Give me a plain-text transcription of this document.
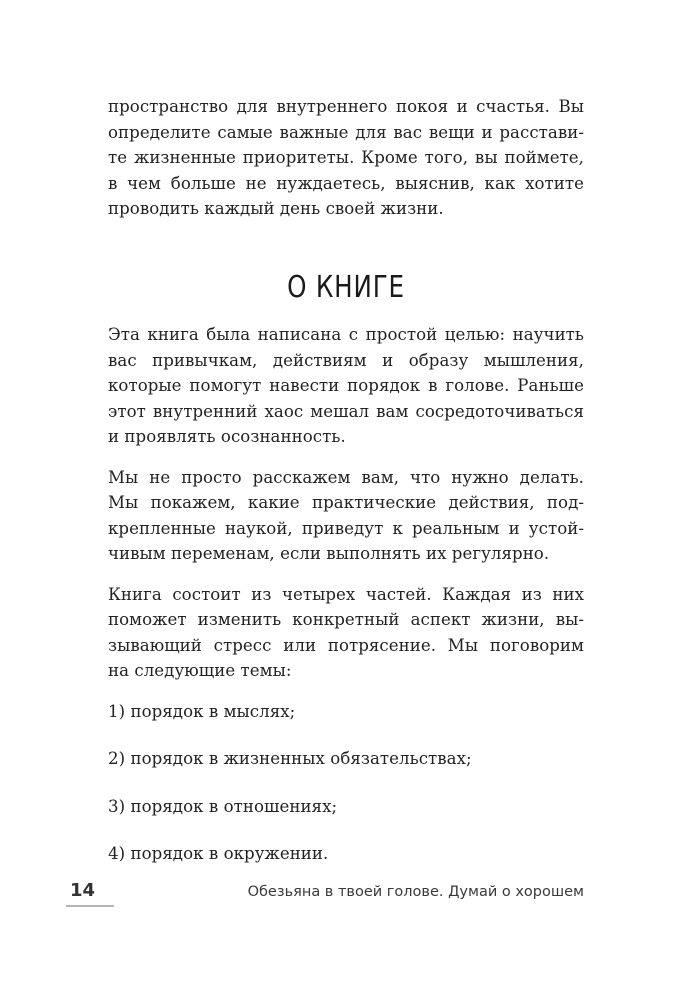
пространство для внутреннего покоя и счастья. Вы
определите самые важные для вас вещи и расстави-
те жизненные приоритеты. Кроме того, вы поймете,
в чем больше не нуждаетесь, выяснив, как хотите
проводить каждый день своей жизни.

О КНИГЕ

Эта книга была написана с простой целью: научить
вас привычкам, действиям и образу мышления,
которые помогут навести порядок в голове. Раньше
этот внутренний хаос мешал вам сосредоточиваться
и проявлять осознанность.

Мы не просто расскажем вам, что нужно делать.
Мы покажем, какие практические действия, под-
крепленные наукой, приведут к реальным и устой-
чивым переменам, если выполнять их регулярно.

Книга состоит из четырех частей. Каждая из них
поможет изменить конкретный аспект жизни, вы-
зывающий стресс или потрясение. Мы поговорим
на следующие темы:

1) порядок в мыслях;

2) порядок в жизненных обязательствах;

3) порядок в отношениях;

4) порядок в окружении.

14	Обезьяна в твоей голове. Думай о хорошем
